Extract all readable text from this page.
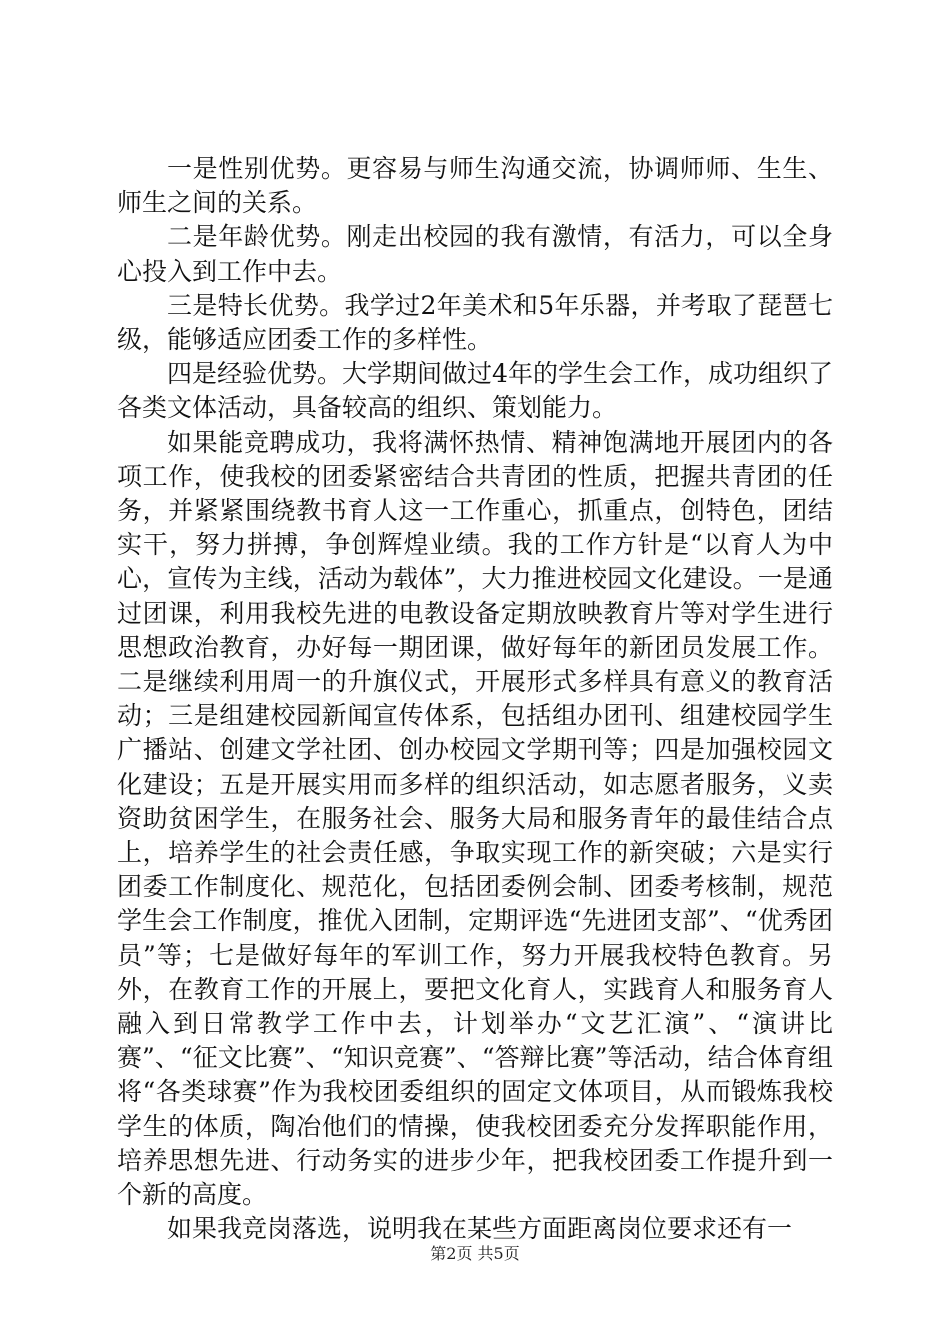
一是性别优势。更容易与师生沟通交流，协调师师、生生、师生之间的关系。

二是年龄优势。刚走出校园的我有激情，有活力，可以全身心投入到工作中去。

三是特长优势。我学过2年美术和5年乐器，并考取了琵琶七级，能够适应团委工作的多样性。

四是经验优势。大学期间做过4年的学生会工作，成功组织了各类文体活动，具备较高的组织、策划能力。

如果能竞聘成功，我将满怀热情、精神饱满地开展团内的各项工作，使我校的团委紧密结合共青团的性质，把握共青团的任务，并紧紧围绕教书育人这一工作重心，抓重点，创特色，团结实干，努力拼搏，争创辉煌业绩。我的工作方针是“以育人为中心，宣传为主线，活动为载体”，大力推进校园文化建设。一是通过团课，利用我校先进的电教设备定期放映教育片等对学生进行思想政治教育，办好每一期团课，做好每年的新团员发展工作。二是继续利用周一的升旗仪式，开展形式多样具有意义的教育活动；三是组建校园新闻宣传体系，包括组办团刊、组建校园学生广播站、创建文学社团、创办校园文学期刊等；四是加强校园文化建设；五是开展实用而多样的组织活动，如志愿者服务，义卖资助贫困学生，在服务社会、服务大局和服务青年的最佳结合点上，培养学生的社会责任感，争取实现工作的新突破；六是实行团委工作制度化、规范化，包括团委例会制、团委考核制，规范学生会工作制度，推优入团制，定期评选“先进团支部”、“优秀团员”等；七是做好每年的军训工作，努力开展我校特色教育。另外，在教育工作的开展上，要把文化育人，实践育人和服务育人融入到日常教学工作中去，计划举办“文艺汇演”、“演讲比赛”、“征文比赛”、“知识竞赛”、“答辩比赛”等活动，结合体育组将“各类球赛”作为我校团委组织的固定文体项目，从而锻炼我校学生的体质，陶冶他们的情操，使我校团委充分发挥职能作用，培养思想先进、行动务实的进步少年，把我校团委工作提升到一个新的高度。

如果我竞岗落选，说明我在某些方面距离岗位要求还有一

第2页 共5页
